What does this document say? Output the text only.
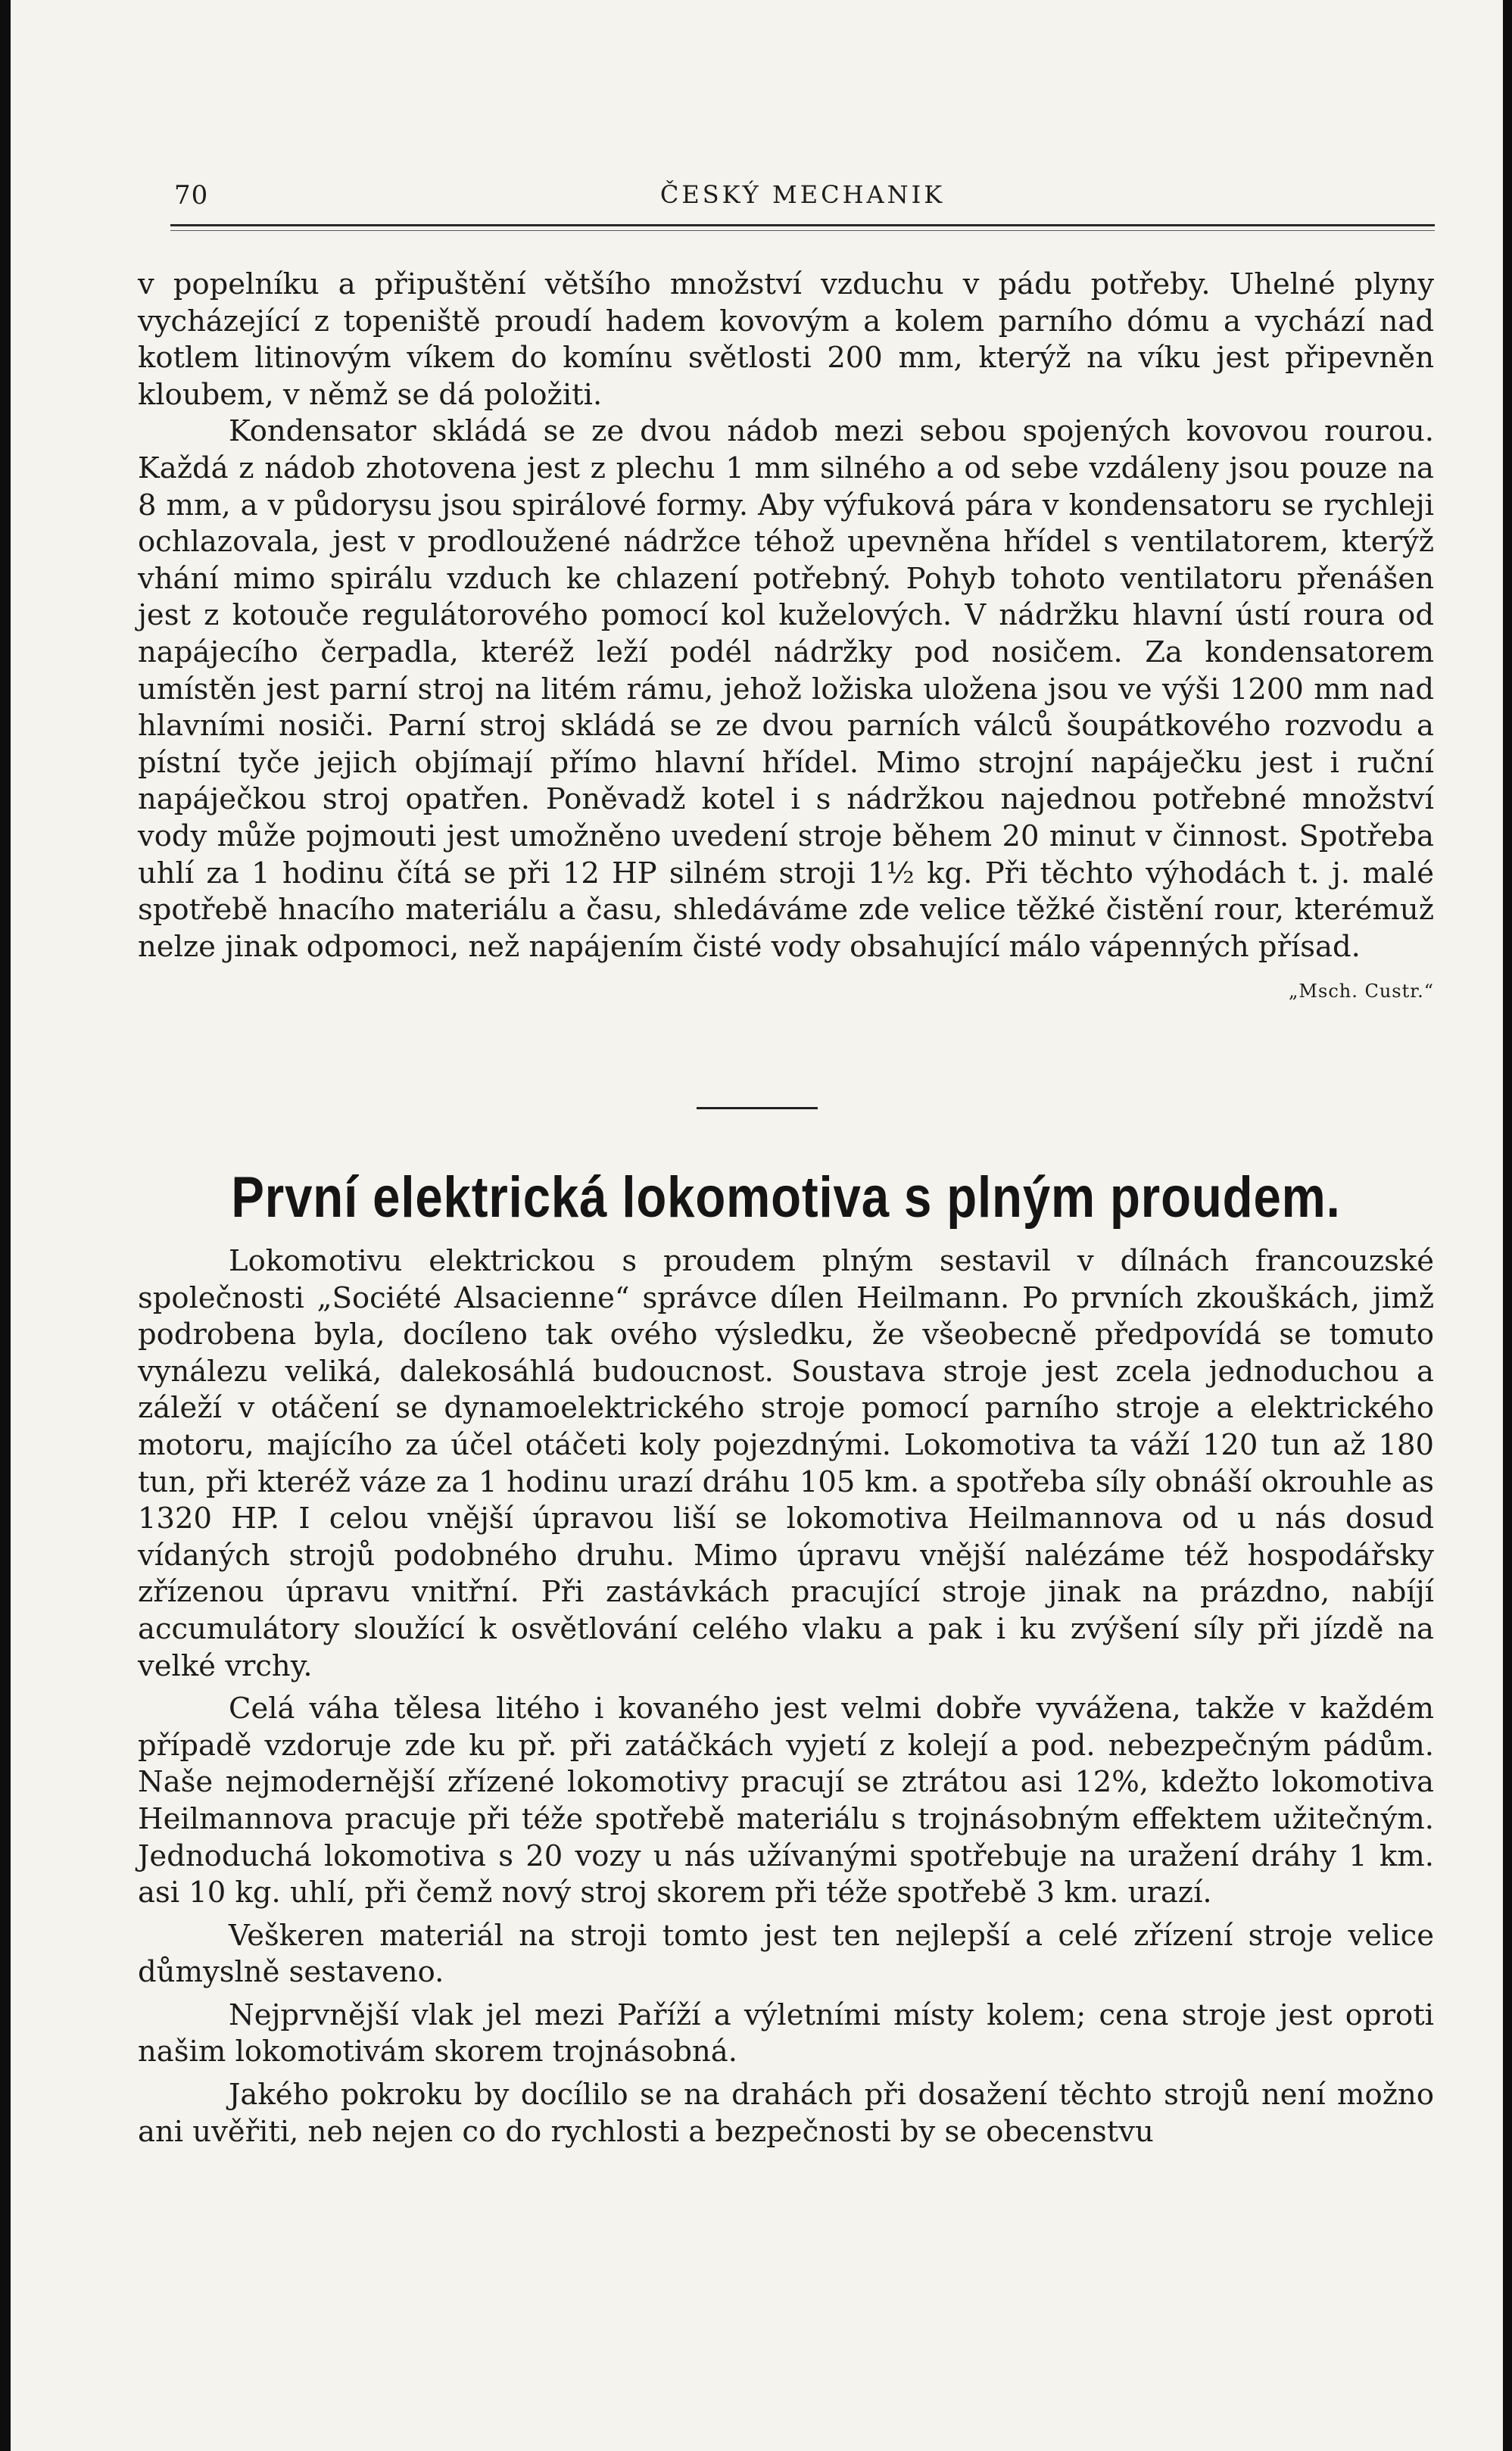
70	ČESKÝ MECHANIK

v popelníku a připuštění většího množství vzduchu v pádu potřeby. Uhelné plyny vycházející z topeniště proudí hadem kovovým a kolem parního dómu a vychází nad kotlem litinovým víkem do komínu světlosti 200 mm, kterýž na víku jest připevněn kloubem, v němž se dá položiti.

Kondensator skládá se ze dvou nádob mezi sebou spojených kovovou rourou. Každá z nádob zhotovena jest z plechu 1 mm silného a od sebe vzdáleny jsou pouze na 8 mm, a v půdorysu jsou spirálové formy. Aby výfuková pára v kondensatoru se rychleji ochlazovala, jest v prodloužené nádržce téhož upevněna hřídel s ventilatorem, kterýž vhání mimo spirálu vzduch ke chlazení potřebný. Pohyb tohoto ventilatoru přenášen jest z kotouče regulátorového pomocí kol kuželových. V nádržku hlavní ústí roura od napájecího čerpadla, kteréž leží podél nádržky pod nosičem. Za kondensatorem umístěn jest parní stroj na litém rámu, jehož ložiska uložena jsou ve výši 1200 mm nad hlavními nosiči. Parní stroj skládá se ze dvou parních válců šoupátkového rozvodu a pístní tyče jejich objímají přímo hlavní hřídel. Mimo strojní napáječku jest i ruční napáječkou stroj opatřen. Poněvadž kotel i s nádržkou najednou potřebné množství vody může pojmouti jest umožněno uvedení stroje během 20 minut v činnost. Spotřeba uhlí za 1 hodinu čítá se při 12 HP silném stroji 1½ kg. Při těchto výhodách t. j. malé spotřebě hnacího materiálu a času, shledáváme zde velice těžké čistění rour, kterémuž nelze jinak odpomoci, než napájením čisté vody obsahující málo vápenných přísad.
„Msch. Custr.“

První elektrická lokomotiva s plným proudem.

Lokomotivu elektrickou s proudem plným sestavil v dílnách francouzské společnosti „Société Alsacienne“ správce dílen Heilmann. Po prvních zkouškách, jimž podrobena byla, docíleno tak ového výsledku, že všeobecně předpovídá se tomuto vynálezu veliká, dalekosáhlá budoucnost. Soustava stroje jest zcela jednoduchou a záleží v otáčení se dynamoelektrického stroje pomocí parního stroje a elektrického motoru, majícího za účel otáčeti koly pojezdnými. Lokomotiva ta váží 120 tun až 180 tun, při kteréž váze za 1 hodinu urazí dráhu 105 km. a spotřeba síly obnáší okrouhle as 1320 HP. I celou vnější úpravou liší se lokomotiva Heilmannova od u nás dosud vídaných strojů podobného druhu. Mimo úpravu vnější nalézáme též hospodářsky zřízenou úpravu vnitřní. Při zastávkách pracující stroje jinak na prázdno, nabíjí accumulátory sloužící k osvětlování celého vlaku a pak i ku zvýšení síly při jízdě na velké vrchy.

Celá váha tělesa litého i kovaného jest velmi dobře vyvážena, takže v každém případě vzdoruje zde ku př. při zatáčkách vyjetí z kolejí a pod. nebezpečným pádům. Naše nejmodernější zřízené lokomotivy pracují se ztrátou asi 12%, kdežto lokomotiva Heilmannova pracuje při téže spotřebě materiálu s trojnásobným effektem užitečným. Jednoduchá lokomotiva s 20 vozy u nás užívanými spotřebuje na uražení dráhy 1 km. asi 10 kg. uhlí, při čemž nový stroj skorem při téže spotřebě 3 km. urazí.

Veškeren materiál na stroji tomto jest ten nejlepší a celé zřízení stroje velice důmyslně sestaveno.

Nejprvnější vlak jel mezi Paříží a výletními místy kolem; cena stroje jest oproti našim lokomotivám skorem trojnásobná.

Jakého pokroku by docílilo se na drahách při dosažení těchto strojů není možno ani uvěřiti, neb nejen co do rychlosti a bezpečnosti by se obecenstvu
